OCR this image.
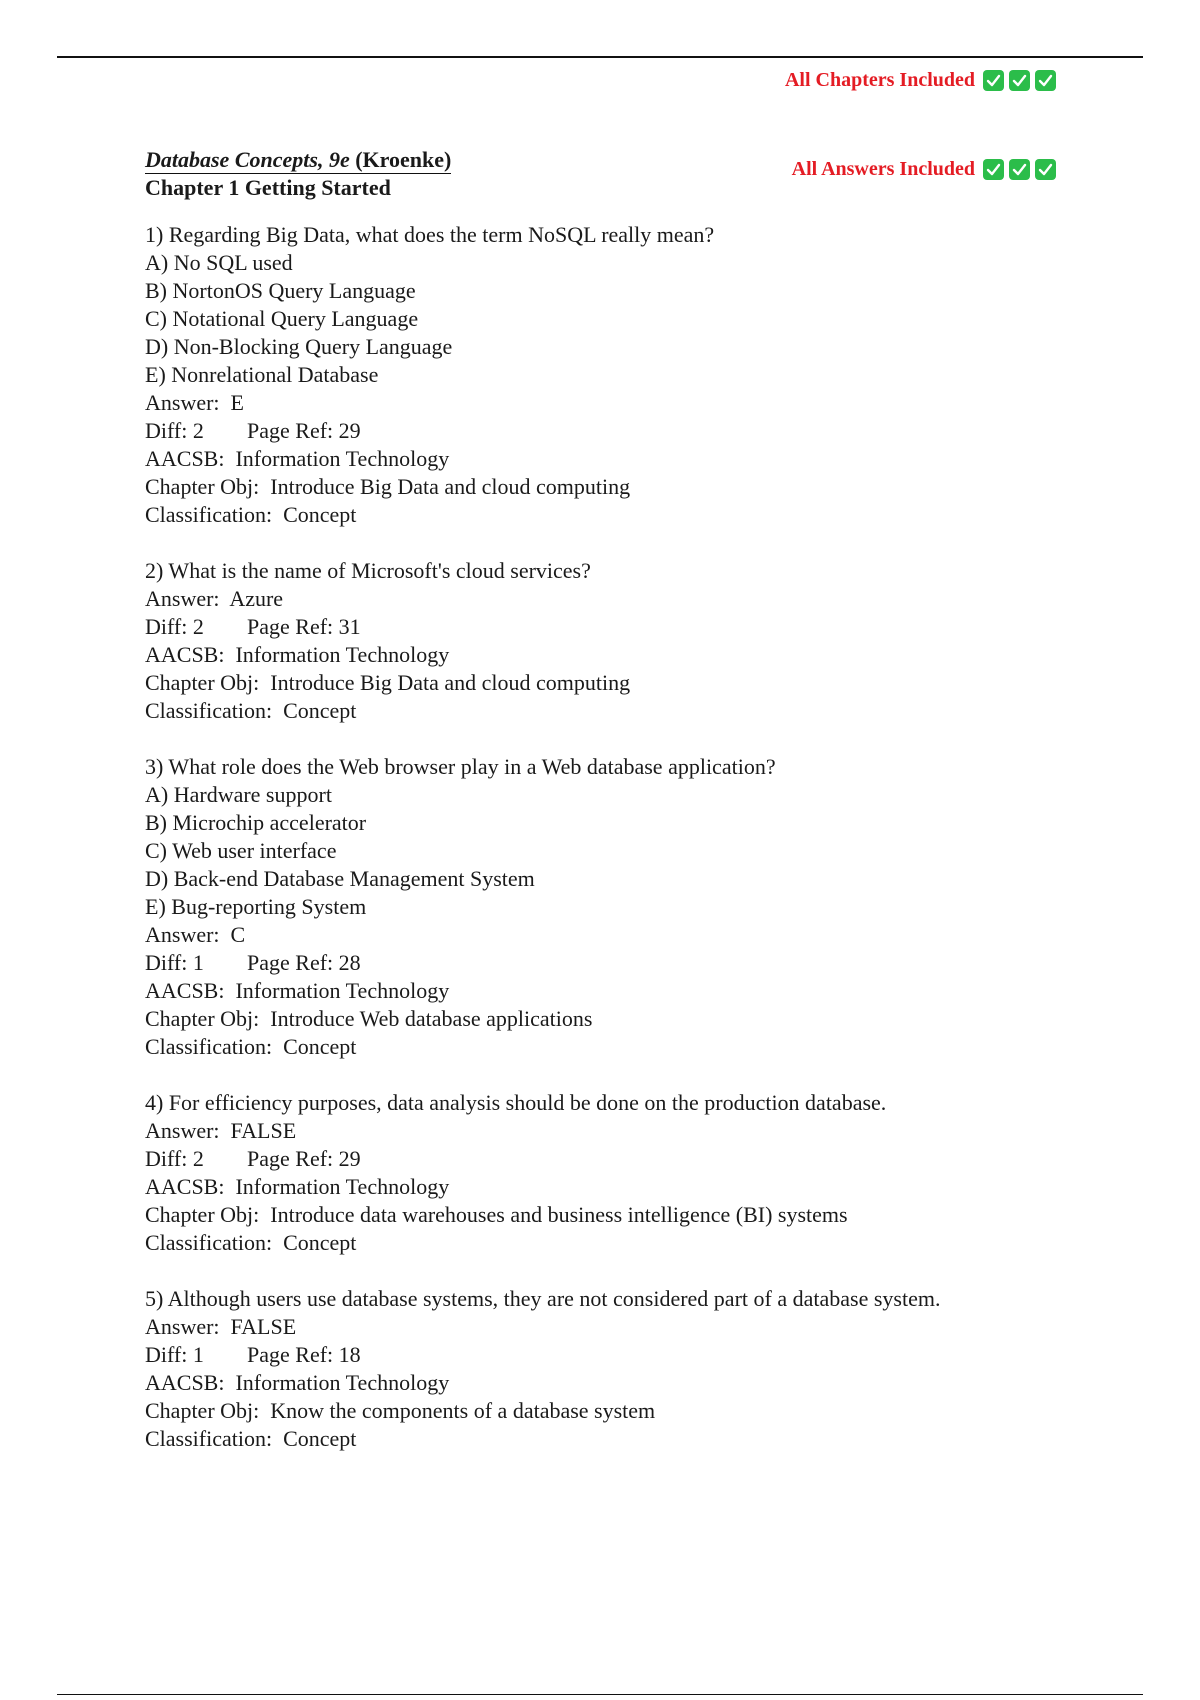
All Chapters Included
All Answers Included
Database Concepts, 9e (Kroenke)
Chapter 1 Getting Started
1) Regarding Big Data, what does the term NoSQL really mean?
A) No SQL used
B) NortonOS Query Language
C) Notational Query Language
D) Non-Blocking Query Language
E) Nonrelational Database
Answer:  E
Diff: 2	Page Ref: 29
AACSB:  Information Technology
Chapter Obj:  Introduce Big Data and cloud computing
Classification:  Concept
2) What is the name of Microsoft's cloud services?
Answer:  Azure
Diff: 2	Page Ref: 31
AACSB:  Information Technology
Chapter Obj:  Introduce Big Data and cloud computing
Classification:  Concept
3) What role does the Web browser play in a Web database application?
A) Hardware support
B) Microchip accelerator
C) Web user interface
D) Back-end Database Management System
E) Bug-reporting System
Answer:  C
Diff: 1	Page Ref: 28
AACSB:  Information Technology
Chapter Obj:  Introduce Web database applications
Classification:  Concept
4) For efficiency purposes, data analysis should be done on the production database.
Answer:  FALSE
Diff: 2	Page Ref: 29
AACSB:  Information Technology
Chapter Obj:  Introduce data warehouses and business intelligence (BI) systems
Classification:  Concept
5) Although users use database systems, they are not considered part of a database system.
Answer:  FALSE
Diff: 1	Page Ref: 18
AACSB:  Information Technology
Chapter Obj:  Know the components of a database system
Classification:  Concept
